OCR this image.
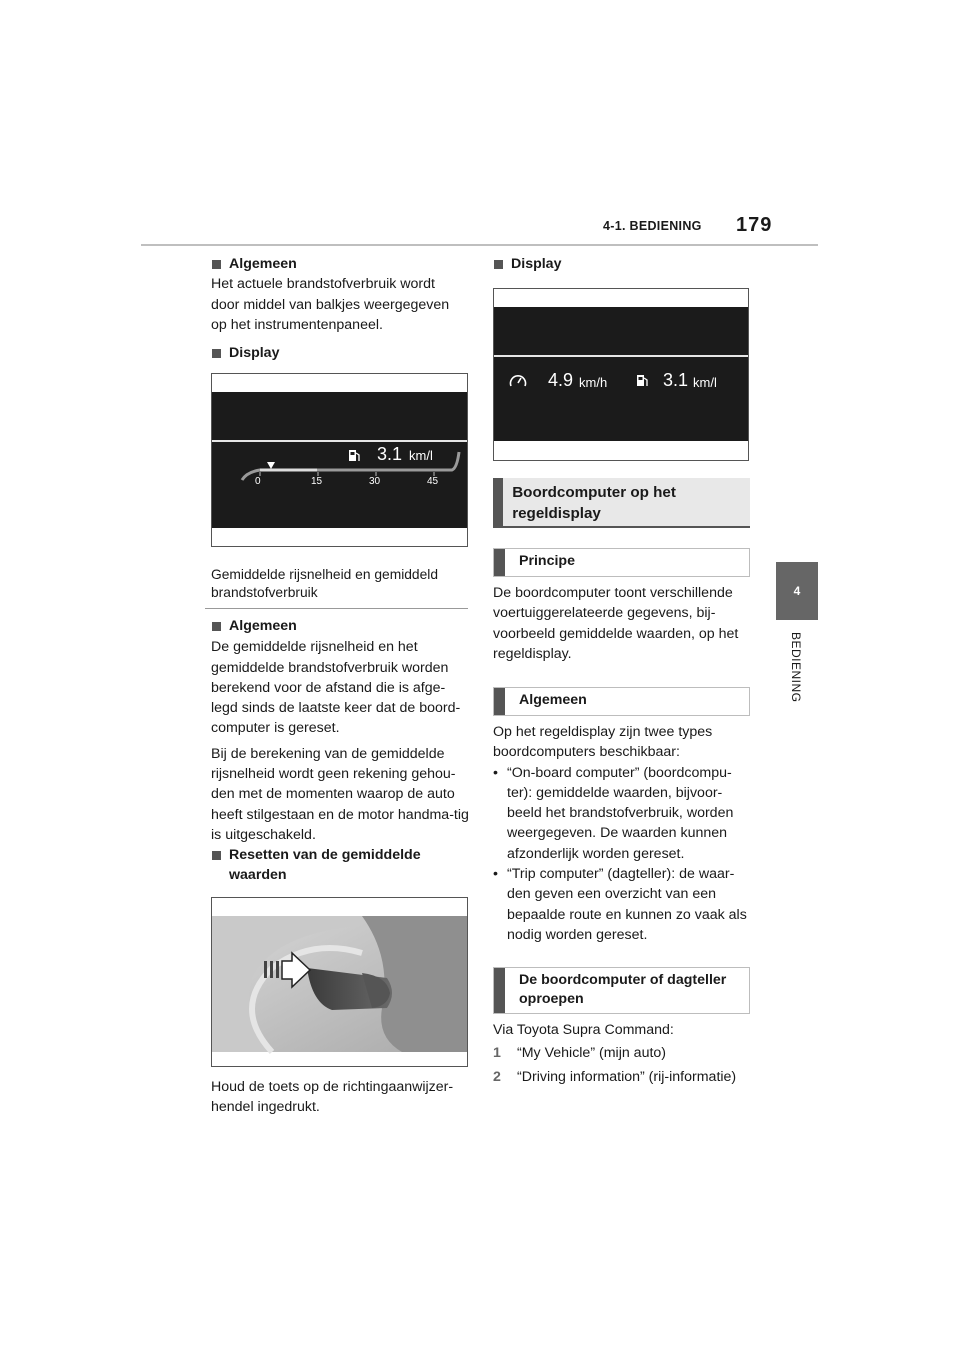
4-1. BEDIENING 179
4
BEDIENING
Algemeen
Het actuele brandstofverbruik wordt door middel van balkjes weergegeven op het instrumentenpaneel.
Display
3.1 km/l
0	15	30	45
Gemiddelde rijsnelheid en gemiddeld brandstofverbruik
Algemeen
De gemiddelde rijsnelheid en het gemiddelde brandstofverbruik worden berekend voor de afstand die is afge-legd sinds de laatste keer dat de boord-computer is gereset.
Bij de berekening van de gemiddelde rijsnelheid wordt geen rekening gehou-den met de momenten waarop de auto heeft stilgestaan en de motor handma-tig is uitgeschakeld.
Resetten van de gemiddelde waarden
Houd de toets op de richtingaanwijzer-hendel ingedrukt.
Display
4.9 km/h	3.1 km/l
Boordcomputer op het regeldisplay
Principe
De boordcomputer toont verschillende voertuiggerelateerde gegevens, bij-voorbeeld gemiddelde waarden, op het regeldisplay.
Algemeen
Op het regeldisplay zijn twee types boordcomputers beschikbaar:
• “On-board computer” (boordcompu-ter): gemiddelde waarden, bijvoor-beeld het brandstofverbruik, worden weergegeven. De waarden kunnen afzonderlijk worden gereset.
• “Trip computer” (dagteller): de waar-den geven een overzicht van een bepaalde route en kunnen zo vaak als nodig worden gereset.
De boordcomputer of dagteller oproepen
Via Toyota Supra Command:
1 “My Vehicle” (mijn auto)
2 “Driving information” (rij-informatie)
